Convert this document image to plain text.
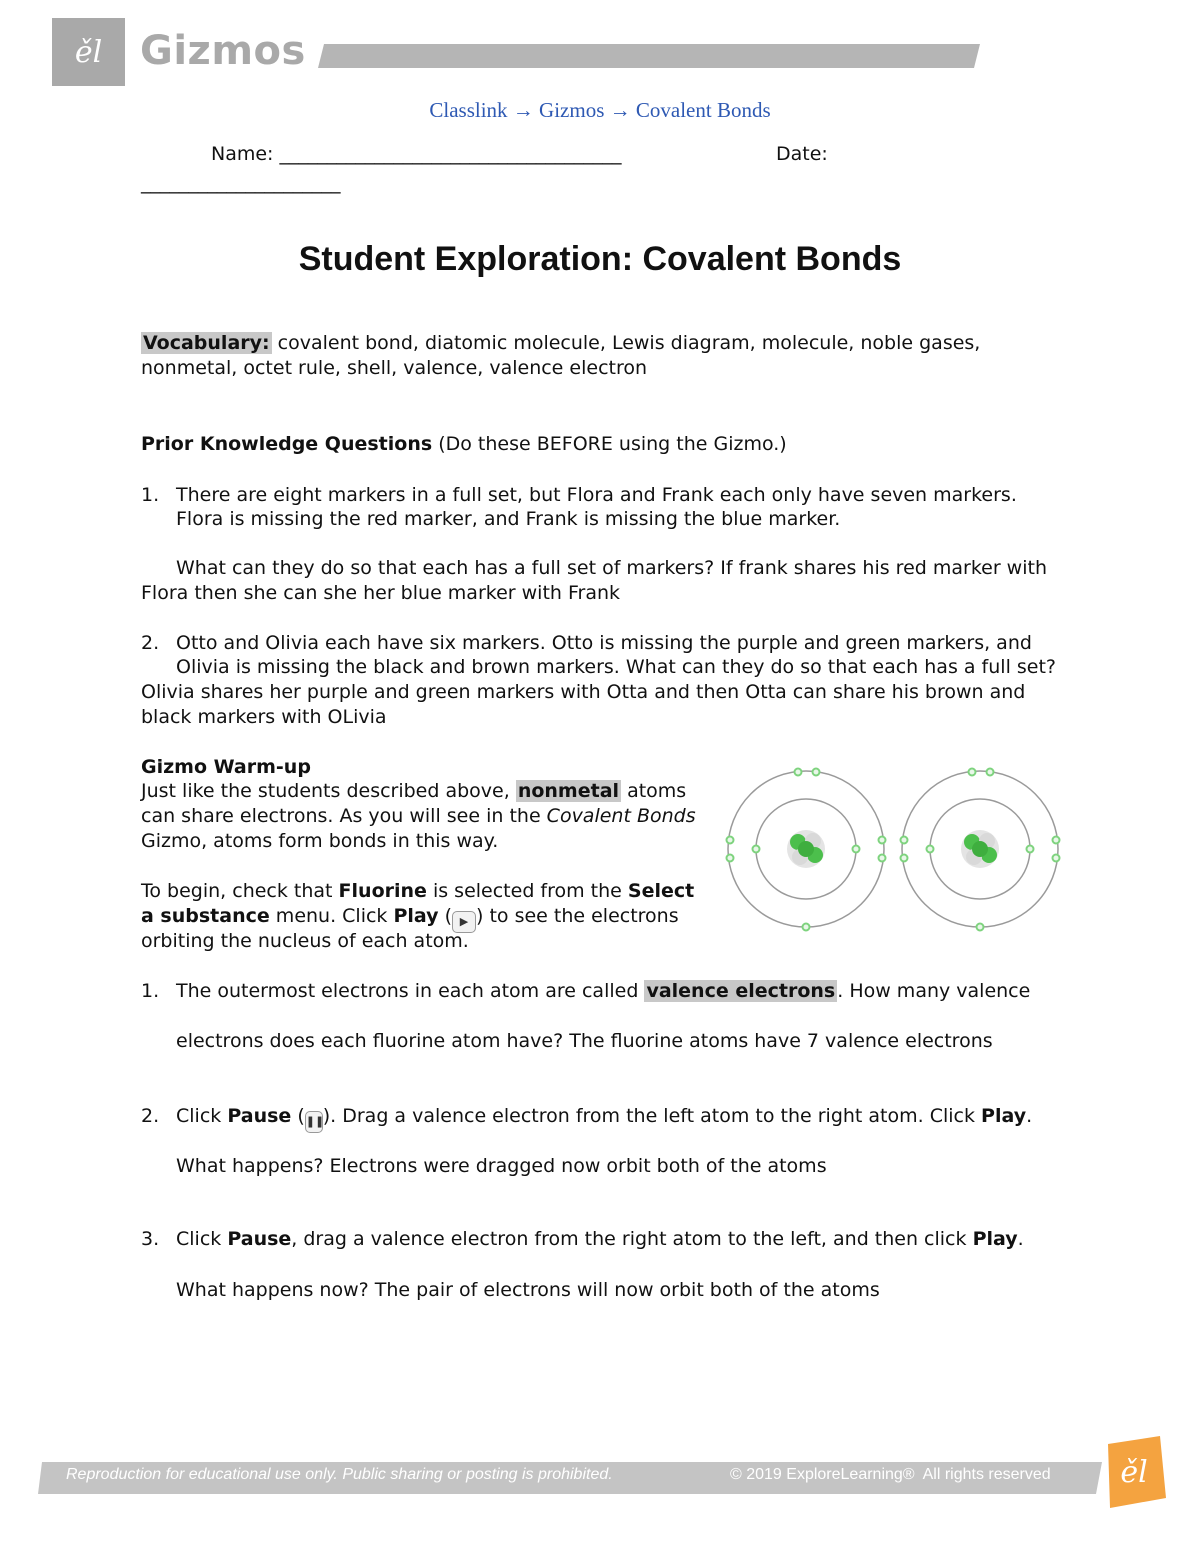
ěl Gizmos
Classlink → Gizmos → Covalent Bonds
Name: ____________________________________	Date:
_____________________
Student Exploration: Covalent Bonds
Vocabulary: covalent bond, diatomic molecule, Lewis diagram, molecule, noble gases,
nonmetal, octet rule, shell, valence, valence electron
Prior Knowledge Questions (Do these BEFORE using the Gizmo.)
1. There are eight markers in a full set, but Flora and Frank each only have seven markers.
Flora is missing the red marker, and Frank is missing the blue marker.
What can they do so that each has a full set of markers? If frank shares his red marker with
Flora then she can she her blue marker with Frank
2. Otto and Olivia each have six markers. Otto is missing the purple and green markers, and
Olivia is missing the black and brown markers. What can they do so that each has a full set?
Olivia shares her purple and green markers with Otta and then Otta can share his brown and
black markers with OLivia
Gizmo Warm-up
Just like the students described above, nonmetal atoms
can share electrons. As you will see in the Covalent Bonds
Gizmo, atoms form bonds in this way.
To begin, check that Fluorine is selected from the Select
a substance menu. Click Play ( ▶ ) to see the electrons
orbiting the nucleus of each atom.
1. The outermost electrons in each atom are called valence electrons . How many valence
electrons does each fluorine atom have? The fluorine atoms have 7 valence electrons
2. Click Pause (❚❚). Drag a valence electron from the left atom to the right atom. Click Play.
What happens? Electrons were dragged now orbit both of the atoms
3. Click Pause, drag a valence electron from the right atom to the left, and then click Play.
What happens now? The pair of electrons will now orbit both of the atoms
Reproduction for educational use only. Public sharing or posting is prohibited.	© 2019 ExploreLearning®  All rights reserved ěl
